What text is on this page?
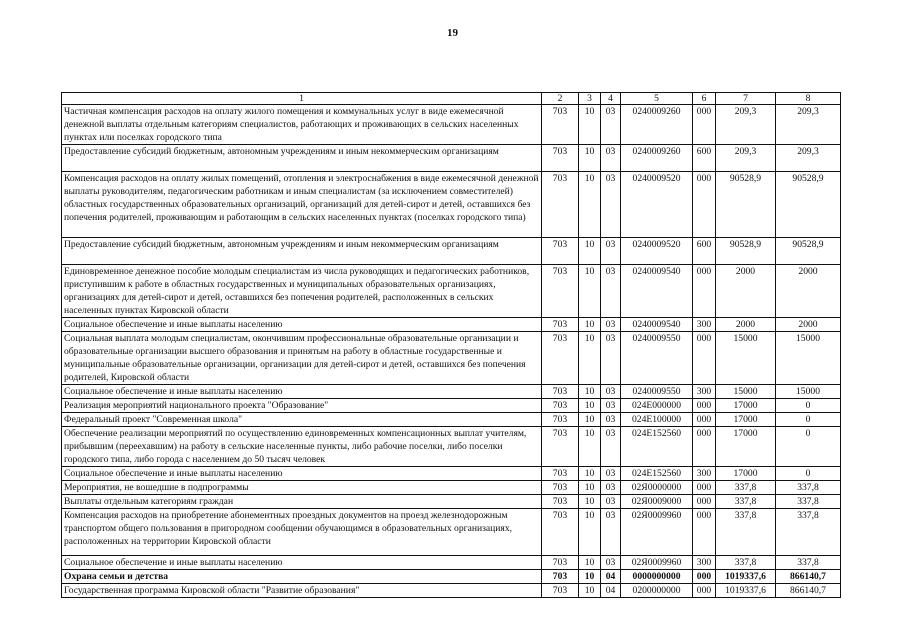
19
1	2	3	4	5	6	7	8
Частичная компенсация расходов на оплату жилого помещения и коммунальных услуг в виде ежемесячной денежной выплаты отдельным категориям специалистов, работающих и проживающих в сельских населенных пунктах или поселках городского типа	703	10	03	0240009260	000	209,3	209,3
Предоставление субсидий бюджетным, автономным учреждениям и иным некоммерческим организациям	703	10	03	0240009260	600	209,3	209,3
Компенсация расходов на оплату жилых помещений, отопления и электроснабжения в виде ежемесячной денежной выплаты руководителям, педагогическим работникам и иным специалистам (за исключением совместителей) областных государственных образовательных организаций, организаций для детей-сирот и детей, оставшихся без попечения родителей, проживающим и работающим в сельских населенных пунктах (поселках городского типа)	703	10	03	0240009520	000	90528,9	90528,9
Предоставление субсидий бюджетным, автономным учреждениям и иным некоммерческим организациям	703	10	03	0240009520	600	90528,9	90528,9
Единовременное денежное пособие молодым специалистам из числа руководящих и педагогических работников, приступившим к работе в областных государственных и муниципальных образовательных организациях, организациях для детей-сирот и детей, оставшихся без попечения родителей, расположенных в сельских населенных пунктах Кировской области	703	10	03	0240009540	000	2000	2000
Социальное обеспечение и иные выплаты населению	703	10	03	0240009540	300	2000	2000
Социальная выплата молодым специалистам, окончившим профессиональные образовательные организации и образовательные организации высшего образования и принятым на работу в областные государственные и муниципальные образовательные организации, организации для детей-сирот и детей, оставшихся без попечения родителей, Кировской области	703	10	03	0240009550	000	15000	15000
Социальное обеспечение и иные выплаты населению	703	10	03	0240009550	300	15000	15000
Реализация мероприятий национального проекта "Образование"	703	10	03	024E000000	000	17000	0
Федеральный проект "Современная школа"	703	10	03	024E100000	000	17000	0
Обеспечение реализации мероприятий по осуществлению единовременных компенсационных выплат учителям, прибывшим (переехавшим) на работу в сельские населенные пункты, либо рабочие поселки, либо поселки городского типа, либо города с населением до 50 тысяч человек	703	10	03	024E152560	000	17000	0
Социальное обеспечение и иные выплаты населению	703	10	03	024E152560	300	17000	0
Мероприятия, не вошедшие в подпрограммы	703	10	03	02Я0000000	000	337,8	337,8
Выплаты отдельным категориям граждан	703	10	03	02Я0009000	000	337,8	337,8
Компенсация расходов на приобретение абонементных проездных документов на проезд железнодорожным транспортом общего пользования в пригородном сообщении обучающимся в образовательных организациях, расположенных на территории Кировской области	703	10	03	02Я0009960	000	337,8	337,8
Социальное обеспечение и иные выплаты населению	703	10	03	02Я0009960	300	337,8	337,8
Охрана семьи и детства	703	10	04	0000000000	000	1019337,6	866140,7
Государственная программа Кировской области "Развитие образования"	703	10	04	0200000000	000	1019337,6	866140,7
